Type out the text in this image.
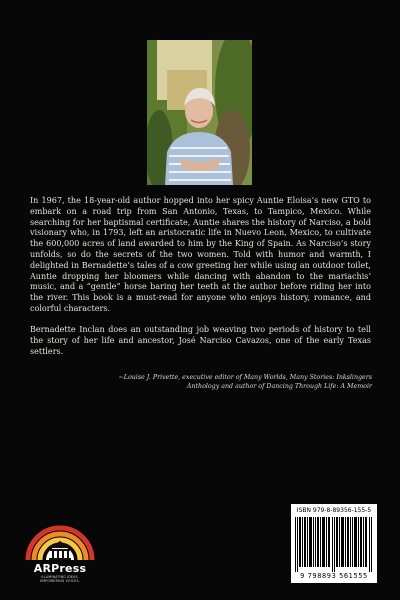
In 1967, the 18-year-old author hopped into her spicy Auntie Eloisa’s new GTO to embark on a road trip from San Antonio, Texas, to Tampico, Mexico. While searching for her baptismal certificate, Auntie shares the history of Narciso, a bold visionary who, in 1793, left an aristocratic life in Nuevo Leon, Mexico, to cultivate the 600,000 acres of land awarded to him by the King of Spain. As Narciso’s story unfolds, so do the secrets of the two women. Told with humor and warmth, I delighted in Bernadette’s tales of a cow greeting her while using an outdoor toilet, Auntie dropping her bloomers while dancing with abandon to the mariachis’ music, and a “gentle” horse baring her teeth at the author before riding her into the river. This book is a must-read for anyone who enjoys history, romance, and colorful characters.

Bernadette Inclan does an outstanding job weaving two periods of history to tell the story of her life and ancestor, José Narciso Cavazos, one of the early Texas settlers.

~Louise J. Privette, executive editor of Many Worlds, Many Stories: Inkslingers
Anthology and author of Dancing Through Life: A Memoir

ARPress
ILLUMINATING IDEAS.
EMPOWERING VOICES.
ISBN 979-8-89356-155-5
9 798893 561555
